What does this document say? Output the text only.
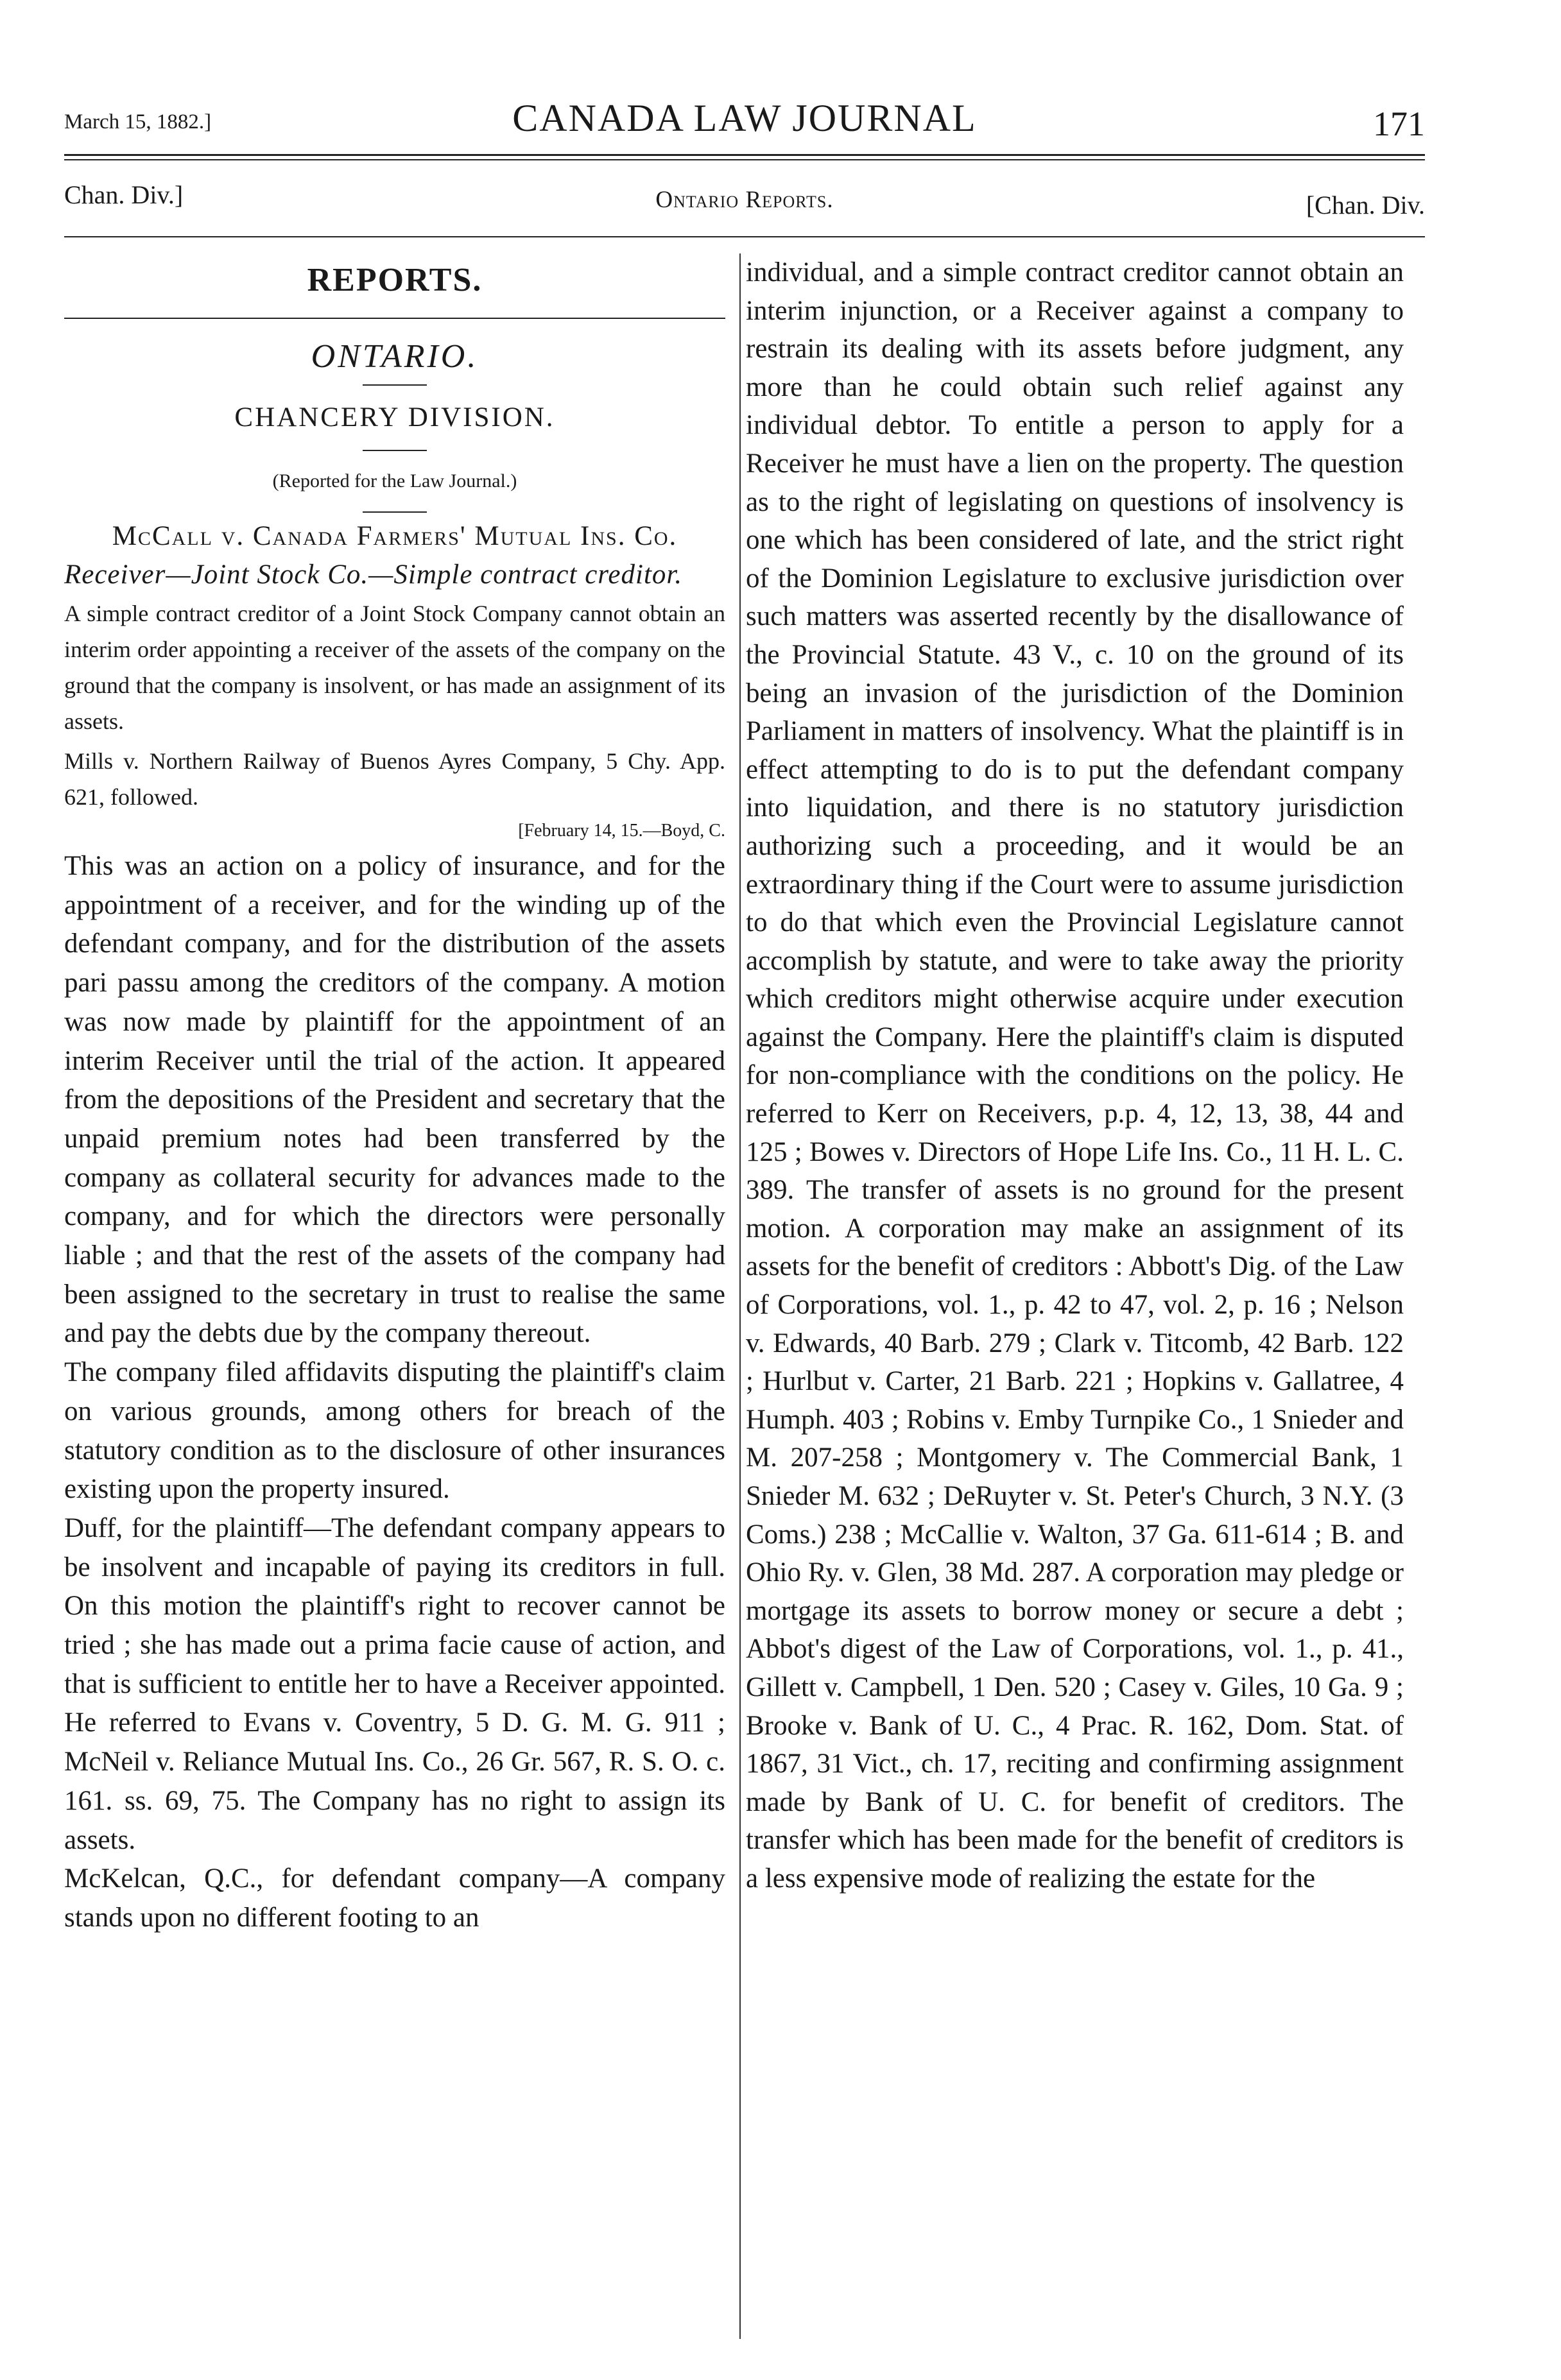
March 15, 1882.]	CANADA LAW JOURNAL	171
Chan. Div.]	Ontario Reports.	[Chan. Div.

REPORTS.

ONTARIO.

CHANCERY DIVISION.

(Reported for the Law Journal.)

McCall v. Canada Farmers' Mutual Ins. Co.

Receiver—Joint Stock Co.—Simple contract creditor.

A simple contract creditor of a Joint Stock Company cannot obtain an interim order appointing a receiver of the assets of the company on the ground that the company is insolvent, or has made an assignment of its assets.

Mills v. Northern Railway of Buenos Ayres Company, 5 Chy. App. 621, followed.

[February 14, 15.—Boyd, C.

This was an action on a policy of insurance, and for the appointment of a receiver, and for the winding up of the defendant company, and for the distribution of the assets pari passu among the creditors of the company. A motion was now made by plaintiff for the appointment of an interim Receiver until the trial of the action. It appeared from the depositions of the President and secretary that the unpaid premium notes had been transferred by the company as collateral security for advances made to the company, and for which the directors were personally liable ; and that the rest of the assets of the company had been assigned to the secretary in trust to realise the same and pay the debts due by the company thereout.

The company filed affidavits disputing the plaintiff's claim on various grounds, among others for breach of the statutory condition as to the disclosure of other insurances existing upon the property insured.

Duff, for the plaintiff—The defendant company appears to be insolvent and incapable of paying its creditors in full. On this motion the plaintiff's right to recover cannot be tried ; she has made out a prima facie cause of action, and that is sufficient to entitle her to have a Receiver appointed. He referred to Evans v. Coventry, 5 D. G. M. G. 911 ; McNeil v. Reliance Mutual Ins. Co., 26 Gr. 567, R. S. O. c. 161. ss. 69, 75. The Company has no right to assign its assets.

McKelcan, Q.C., for defendant company—A company stands upon no different footing to an

individual, and a simple contract creditor cannot obtain an interim injunction, or a Receiver against a company to restrain its dealing with its assets before judgment, any more than he could obtain such relief against any individual debtor. To entitle a person to apply for a Receiver he must have a lien on the property. The question as to the right of legislating on questions of insolvency is one which has been considered of late, and the strict right of the Dominion Legislature to exclusive jurisdiction over such matters was asserted recently by the disallowance of the Provincial Statute. 43 V., c. 10 on the ground of its being an invasion of the jurisdiction of the Dominion Parliament in matters of insolvency. What the plaintiff is in effect attempting to do is to put the defendant company into liquidation, and there is no statutory jurisdiction authorizing such a proceeding, and it would be an extraordinary thing if the Court were to assume jurisdiction to do that which even the Provincial Legislature cannot accomplish by statute, and were to take away the priority which creditors might otherwise acquire under execution against the Company. Here the plaintiff's claim is disputed for non-compliance with the conditions on the policy. He referred to Kerr on Receivers, p.p. 4, 12, 13, 38, 44 and 125 ; Bowes v. Directors of Hope Life Ins. Co., 11 H. L. C. 389. The transfer of assets is no ground for the present motion. A corporation may make an assignment of its assets for the benefit of creditors : Abbott's Dig. of the Law of Corporations, vol. 1., p. 42 to 47, vol. 2, p. 16 ; Nelson v. Edwards, 40 Barb. 279 ; Clark v. Titcomb, 42 Barb. 122 ; Hurlbut v. Carter, 21 Barb. 221 ; Hopkins v. Gallatree, 4 Humph. 403 ; Robins v. Emby Turnpike Co., 1 Snieder and M. 207-258 ; Montgomery v. The Commercial Bank, 1 Snieder M. 632 ; DeRuyter v. St. Peter's Church, 3 N.Y. (3 Coms.) 238 ; McCallie v. Walton, 37 Ga. 611-614 ; B. and Ohio Ry. v. Glen, 38 Md. 287. A corporation may pledge or mortgage its assets to borrow money or secure a debt ; Abbot's digest of the Law of Corporations, vol. 1., p. 41., Gillett v. Campbell, 1 Den. 520 ; Casey v. Giles, 10 Ga. 9 ; Brooke v. Bank of U. C., 4 Prac. R. 162, Dom. Stat. of 1867, 31 Vict., ch. 17, reciting and confirming assignment made by Bank of U. C. for benefit of creditors. The transfer which has been made for the benefit of creditors is a less expensive mode of realizing the estate for the
